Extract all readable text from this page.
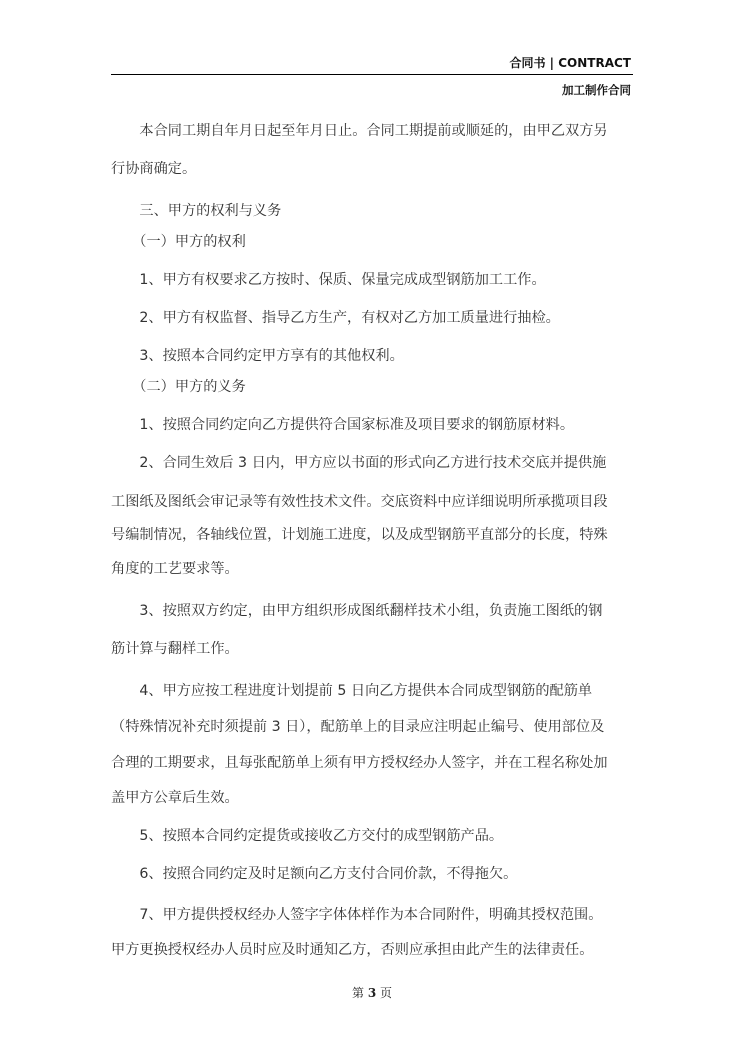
合同书 | CONTRACT
加工制作合同
　　本合同工期自年月日起至年月日止。合同工期提前或顺延的，由甲乙双方另
行协商确定。
　　三、甲方的权利与义务
　　（一）甲方的权利
　　1、甲方有权要求乙方按时、保质、保量完成成型钢筋加工工作。
　　2、甲方有权监督、指导乙方生产，有权对乙方加工质量进行抽检。
　　3、按照本合同约定甲方享有的其他权利。
　　（二）甲方的义务
　　1、按照合同约定向乙方提供符合国家标准及项目要求的钢筋原材料。
　　2、合同生效后 3 日内，甲方应以书面的形式向乙方进行技术交底并提供施
工图纸及图纸会审记录等有效性技术文件。交底资料中应详细说明所承揽项目段
号编制情况，各轴线位置，计划施工进度，以及成型钢筋平直部分的长度，特殊
角度的工艺要求等。
　　3、按照双方约定，由甲方组织形成图纸翻样技术小组，负责施工图纸的钢
筋计算与翻样工作。
　　4、甲方应按工程进度计划提前 5 日向乙方提供本合同成型钢筋的配筋单
（特殊情况补充时须提前 3 日），配筋单上的目录应注明起止编号、使用部位及
合理的工期要求，且每张配筋单上须有甲方授权经办人签字，并在工程名称处加
盖甲方公章后生效。
　　5、按照本合同约定提货或接收乙方交付的成型钢筋产品。
　　6、按照合同约定及时足额向乙方支付合同价款，不得拖欠。
　　7、甲方提供授权经办人签字字体体样作为本合同附件，明确其授权范围。
甲方更换授权经办人员时应及时通知乙方，否则应承担由此产生的法律责任。
第 3 页
